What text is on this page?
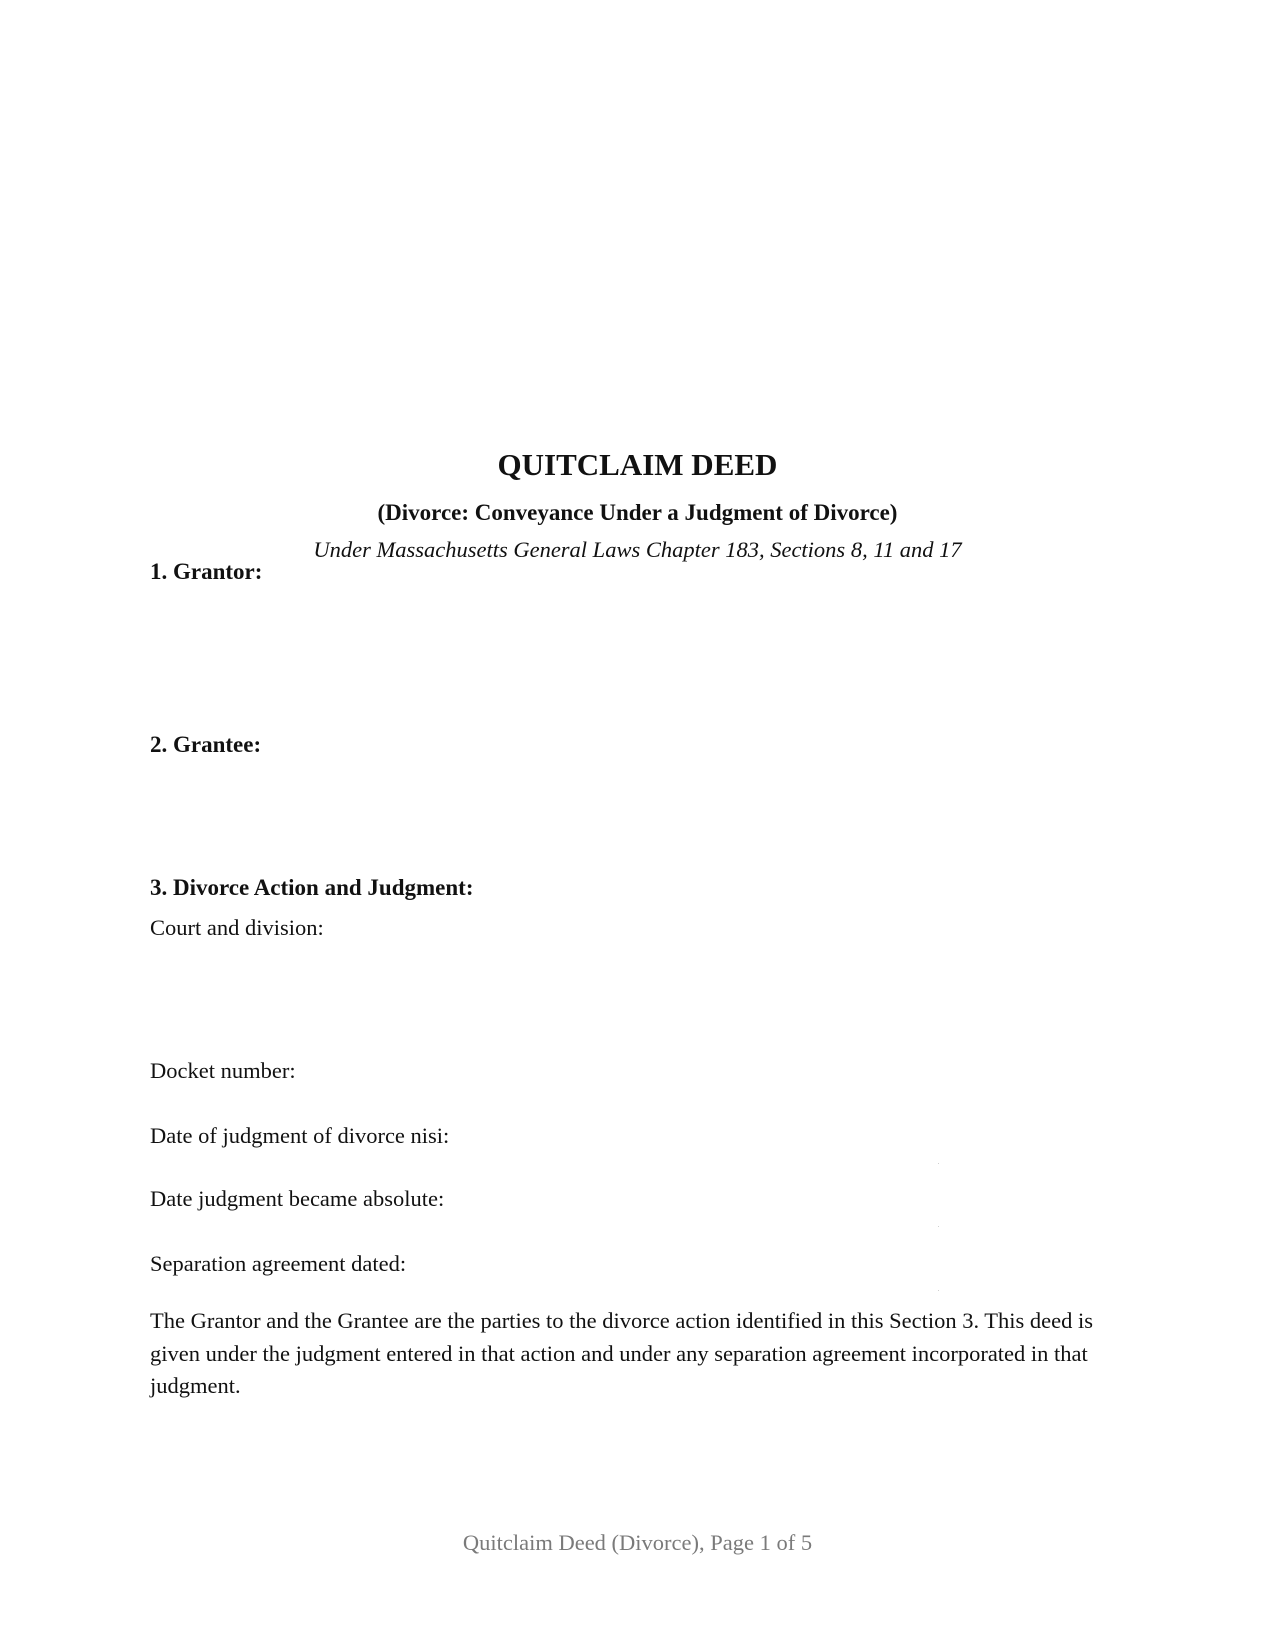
QUITCLAIM DEED
(Divorce: Conveyance Under a Judgment of Divorce)
Under Massachusetts General Laws Chapter 183, Sections 8, 11 and 17
1. Grantor:
2. Grantee:
3. Divorce Action and Judgment:
Court and division:
Docket number:
Date of judgment of divorce nisi:
Date judgment became absolute:
Separation agreement dated:
The Grantor and the Grantee are the parties to the divorce action identified in this Section 3. This deed is given under the judgment entered in that action and under any separation agreement incorporated in that judgment.
Quitclaim Deed (Divorce), Page 1 of 5
